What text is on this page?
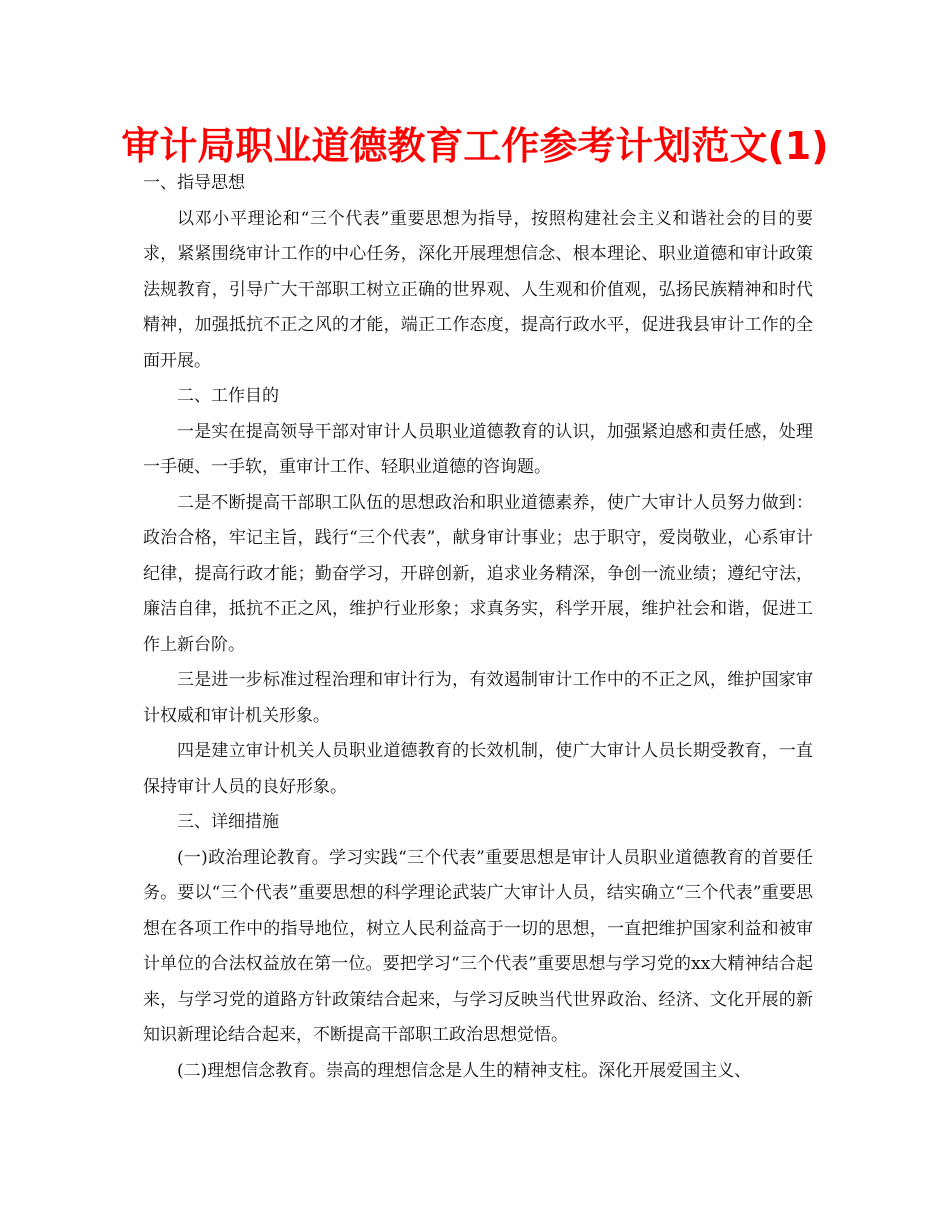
审计局职业道德教育工作参考计划范文(1)

一、指导思想

以邓小平理论和“三个代表”重要思想为指导，按照构建社会主义和谐社会的目的要求，紧紧围绕审计工作的中心任务，深化开展理想信念、根本理论、职业道德和审计政策法规教育，引导广大干部职工树立正确的世界观、人生观和价值观，弘扬民族精神和时代精神，加强抵抗不正之风的才能，端正工作态度，提高行政水平，促进我县审计工作的全面开展。

二、工作目的

一是实在提高领导干部对审计人员职业道德教育的认识，加强紧迫感和责任感，处理一手硬、一手软，重审计工作、轻职业道德的咨询题。

二是不断提高干部职工队伍的思想政治和职业道德素养，使广大审计人员努力做到：政治合格，牢记主旨，践行“三个代表”，献身审计事业；忠于职守，爱岗敬业，心系审计纪律，提高行政才能；勤奋学习，开辟创新，追求业务精深，争创一流业绩；遵纪守法，廉洁自律，抵抗不正之风，维护行业形象；求真务实，科学开展，维护社会和谐，促进工作上新台阶。

三是进一步标准过程治理和审计行为，有效遏制审计工作中的不正之风，维护国家审计权威和审计机关形象。

四是建立审计机关人员职业道德教育的长效机制，使广大审计人员长期受教育，一直保持审计人员的良好形象。

三、详细措施

(一)政治理论教育。学习实践“三个代表”重要思想是审计人员职业道德教育的首要任务。要以“三个代表”重要思想的科学理论武装广大审计人员，结实确立“三个代表”重要思想在各项工作中的指导地位，树立人民利益高于一切的思想，一直把维护国家利益和被审计单位的合法权益放在第一位。要把学习“三个代表”重要思想与学习党的xx大精神结合起来，与学习党的道路方针政策结合起来，与学习反映当代世界政治、经济、文化开展的新知识新理论结合起来，不断提高干部职工政治思想觉悟。

(二)理想信念教育。崇高的理想信念是人生的精神支柱。深化开展爱国主义、
